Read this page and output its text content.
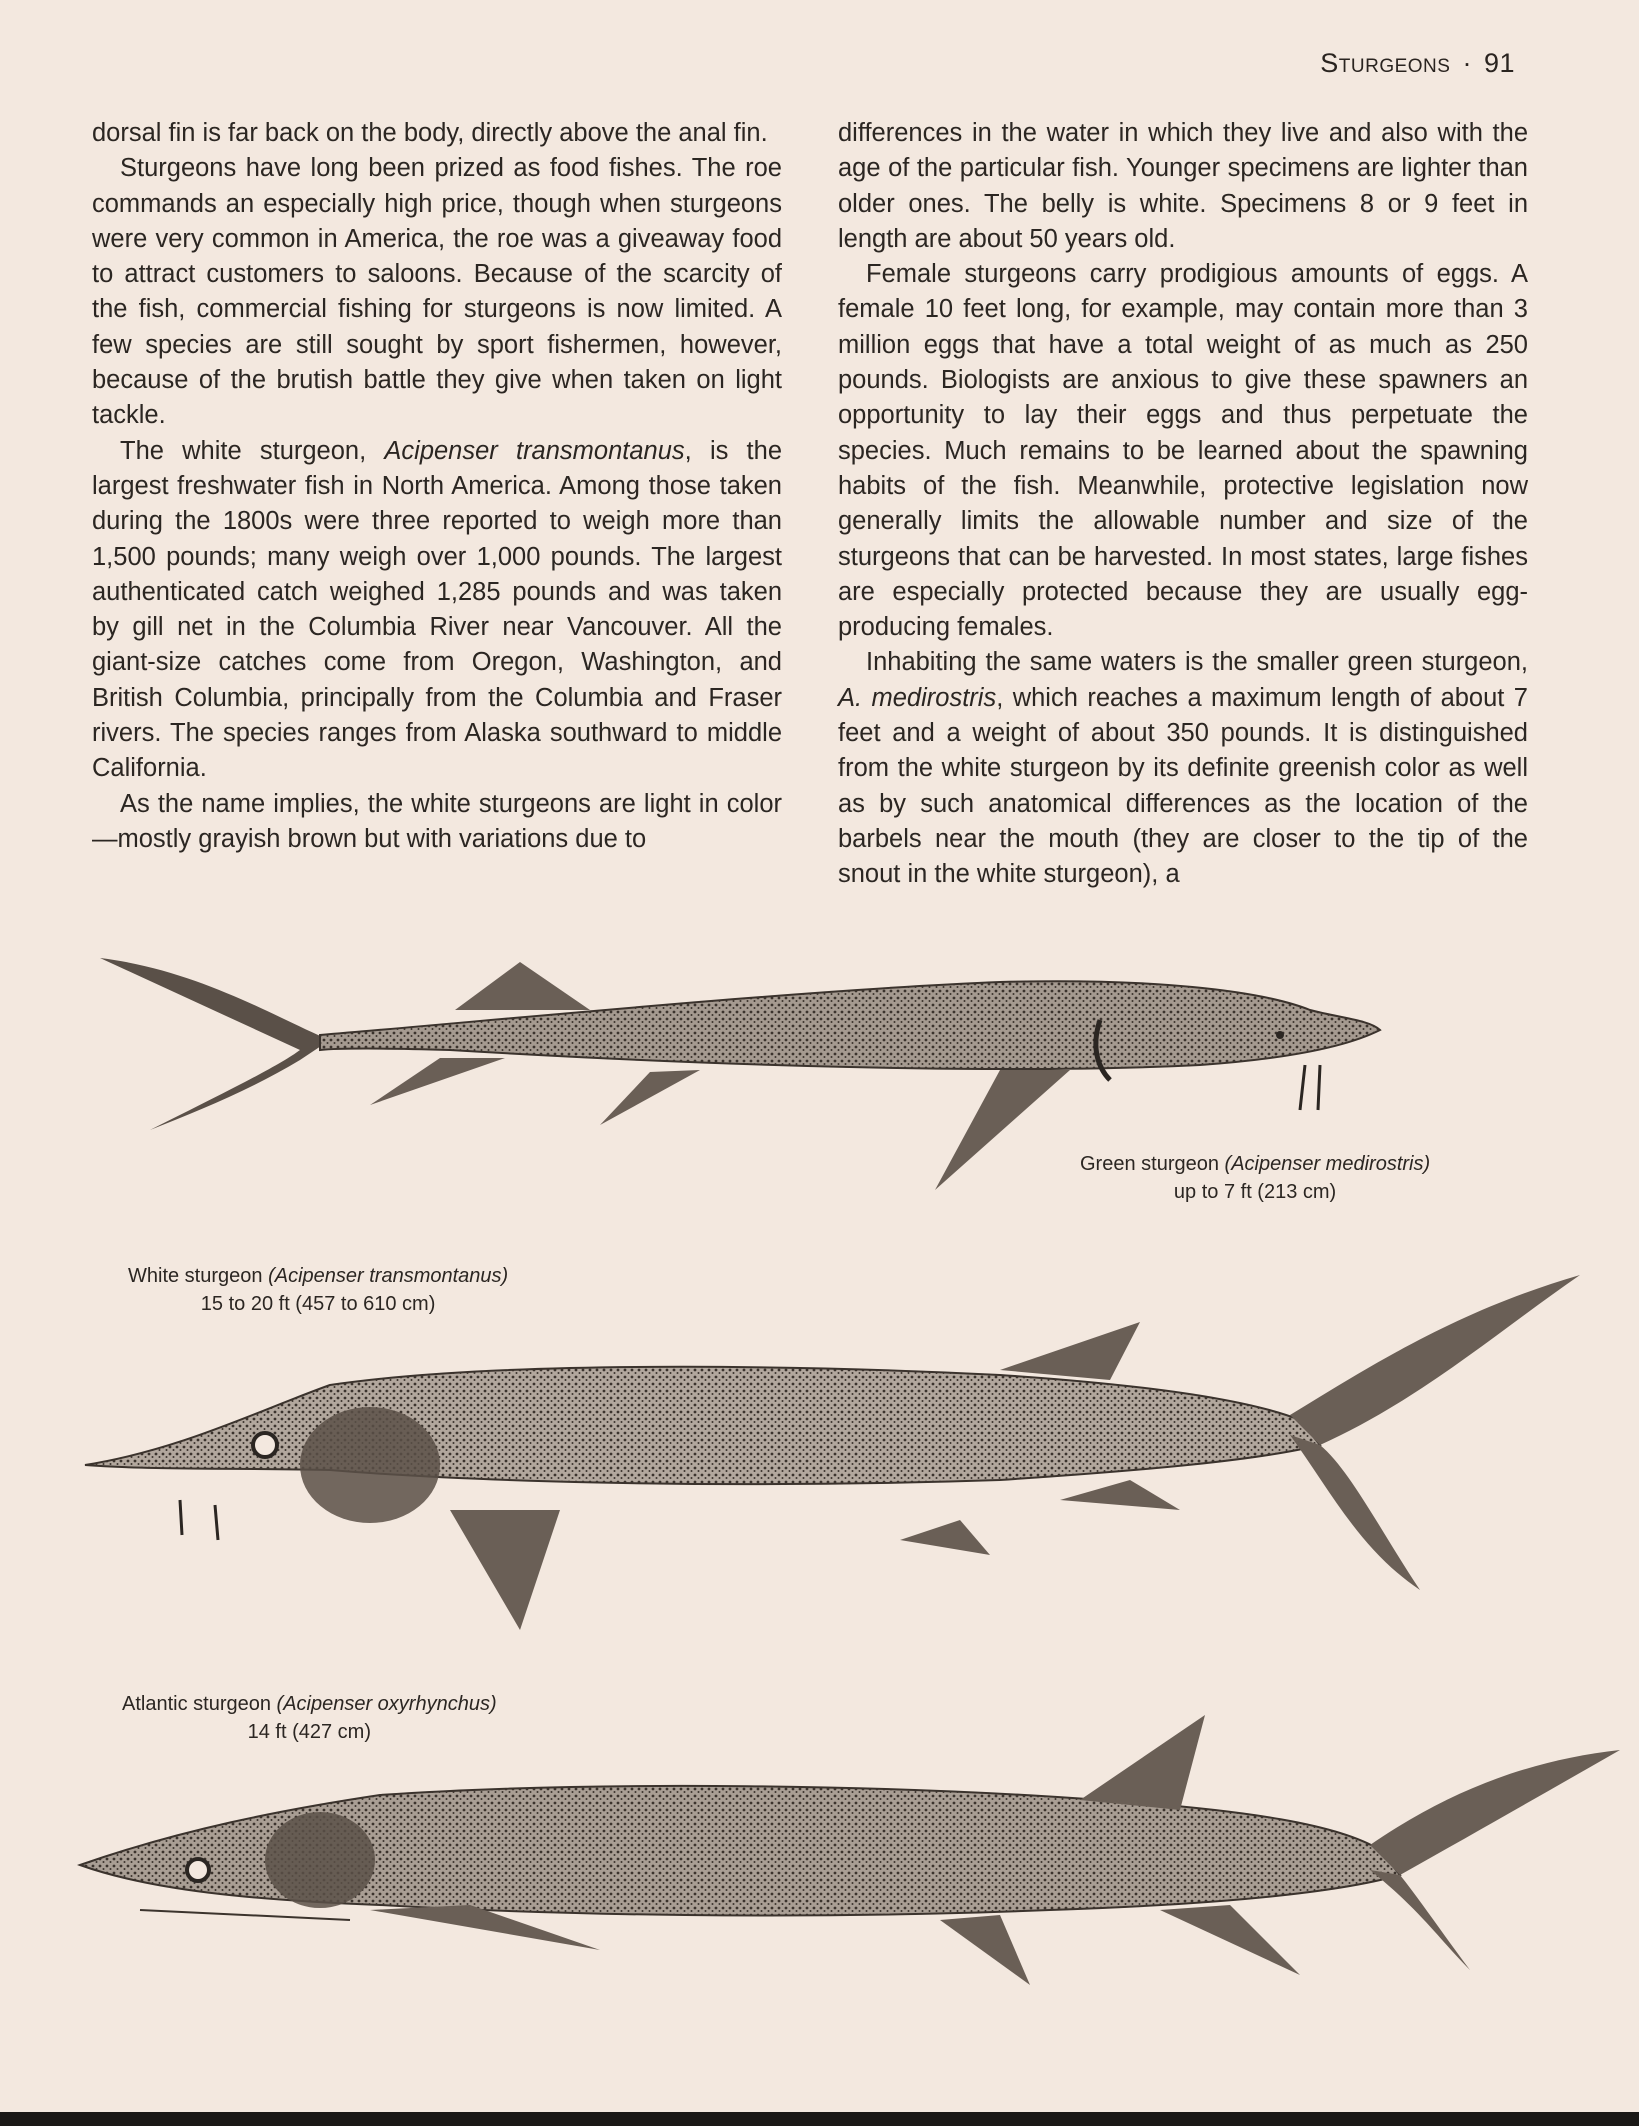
Sturgeons · 91

dorsal fin is far back on the body, directly above the anal fin.

Sturgeons have long been prized as food fishes. The roe commands an especially high price, though when sturgeons were very common in America, the roe was a giveaway food to attract customers to saloons. Because of the scarcity of the fish, commercial fishing for sturgeons is now limited. A few species are still sought by sport fishermen, however, because of the brutish battle they give when taken on light tackle.

The white sturgeon, Acipenser transmontanus, is the largest freshwater fish in North America. Among those taken during the 1800s were three reported to weigh more than 1,500 pounds; many weigh over 1,000 pounds. The largest authenticated catch weighed 1,285 pounds and was taken by gill net in the Columbia River near Vancouver. All the giant-size catches come from Oregon, Washington, and British Columbia, principally from the Columbia and Fraser rivers. The species ranges from Alaska southward to middle California.

As the name implies, the white sturgeons are light in color—mostly grayish brown but with variations due to

differences in the water in which they live and also with the age of the particular fish. Younger specimens are lighter than older ones. The belly is white. Specimens 8 or 9 feet in length are about 50 years old.

Female sturgeons carry prodigious amounts of eggs. A female 10 feet long, for example, may contain more than 3 million eggs that have a total weight of as much as 250 pounds. Biologists are anxious to give these spawners an opportunity to lay their eggs and thus perpetuate the species. Much remains to be learned about the spawning habits of the fish. Meanwhile, protective legislation now generally limits the allowable number and size of the sturgeons that can be harvested. In most states, large fishes are especially protected because they are usually egg-producing females.

Inhabiting the same waters is the smaller green sturgeon, A. medirostris, which reaches a maximum length of about 7 feet and a weight of about 350 pounds. It is distinguished from the white sturgeon by its definite greenish color as well as by such anatomical differences as the location of the barbels near the mouth (they are closer to the tip of the snout in the white sturgeon), a

Green sturgeon (Acipenser medirostris)
up to 7 ft (213 cm)
White sturgeon (Acipenser transmontanus)
15 to 20 ft (457 to 610 cm)
Atlantic sturgeon (Acipenser oxyrhynchus)
14 ft (427 cm)
